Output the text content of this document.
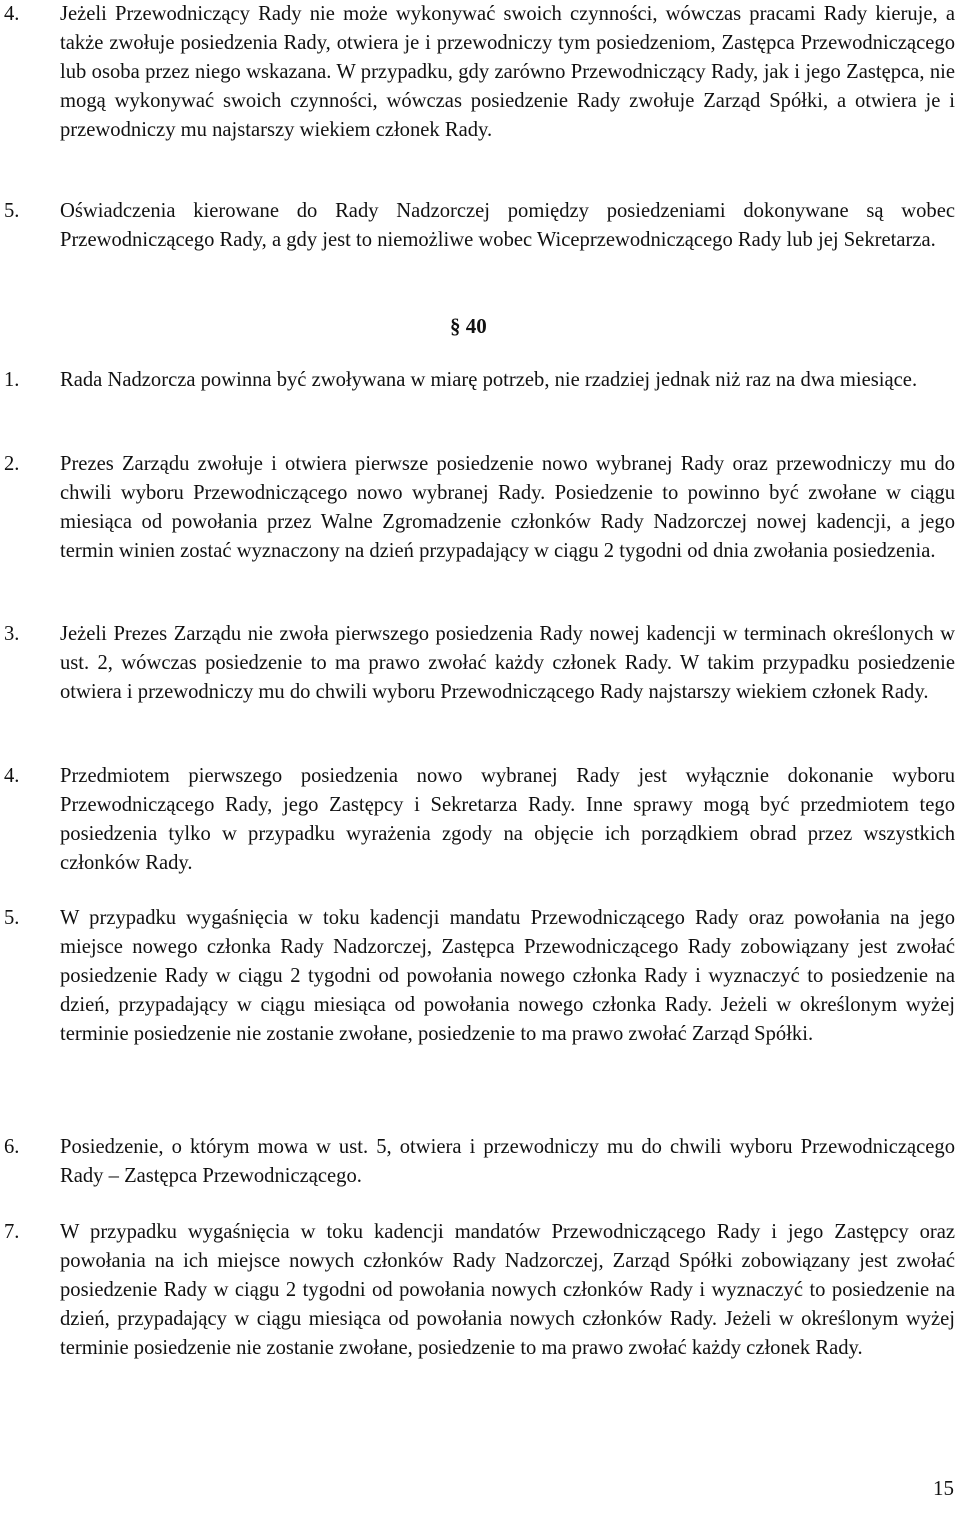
4. Jeżeli Przewodniczący Rady nie może wykonywać swoich czynności, wówczas pracami Rady kieruje, a także zwołuje posiedzenia Rady, otwiera je i przewodniczy tym posiedzeniom, Zastępca Przewodniczącego lub osoba przez niego wskazana. W przypadku, gdy zarówno Przewodniczący Rady, jak i jego Zastępca, nie mogą wykonywać swoich czynności, wówczas posiedzenie Rady zwołuje Zarząd Spółki, a otwiera je i przewodniczy mu najstarszy wiekiem członek Rady.
5. Oświadczenia kierowane do Rady Nadzorczej pomiędzy posiedzeniami dokonywane są wobec Przewodniczącego Rady, a gdy jest to niemożliwe wobec Wiceprzewodniczącego Rady lub jej Sekretarza.
§ 40
1. Rada Nadzorcza powinna być zwoływana w miarę potrzeb, nie rzadziej jednak niż raz na dwa miesiące.
2. Prezes Zarządu zwołuje i otwiera pierwsze posiedzenie nowo wybranej Rady oraz przewodniczy mu do chwili wyboru Przewodniczącego nowo wybranej Rady. Posiedzenie to powinno być zwołane w ciągu miesiąca od powołania przez Walne Zgromadzenie członków Rady Nadzorczej nowej kadencji, a jego termin winien zostać wyznaczony na dzień przypadający w ciągu 2 tygodni od dnia zwołania posiedzenia.
3. Jeżeli Prezes Zarządu nie zwoła pierwszego posiedzenia Rady nowej kadencji w terminach określonych w ust. 2, wówczas posiedzenie to ma prawo zwołać każdy członek Rady. W takim przypadku posiedzenie otwiera i przewodniczy mu do chwili wyboru Przewodniczącego Rady najstarszy wiekiem członek Rady.
4. Przedmiotem pierwszego posiedzenia nowo wybranej Rady jest wyłącznie dokonanie wyboru Przewodniczącego Rady, jego Zastępcy i Sekretarza Rady. Inne sprawy mogą być przedmiotem tego posiedzenia tylko w przypadku wyrażenia zgody na objęcie ich porządkiem obrad przez wszystkich członków Rady.
5. W przypadku wygaśnięcia w toku kadencji mandatu Przewodniczącego Rady oraz powołania na jego miejsce nowego członka Rady Nadzorczej, Zastępca Przewodniczącego Rady zobowiązany jest zwołać posiedzenie Rady w ciągu 2 tygodni od powołania nowego członka Rady i wyznaczyć to posiedzenie na dzień, przypadający w ciągu miesiąca od powołania nowego członka Rady. Jeżeli w określonym wyżej terminie posiedzenie nie zostanie zwołane, posiedzenie to ma prawo zwołać Zarząd Spółki.
6. Posiedzenie, o którym mowa w ust. 5, otwiera i przewodniczy mu do chwili wyboru Przewodniczącego Rady – Zastępca Przewodniczącego.
7. W przypadku wygaśnięcia w toku kadencji mandatów Przewodniczącego Rady i jego Zastępcy oraz powołania na ich miejsce nowych członków Rady Nadzorczej, Zarząd Spółki zobowiązany jest zwołać posiedzenie Rady w ciągu 2 tygodni od powołania nowych członków Rady i wyznaczyć to posiedzenie na dzień, przypadający w ciągu miesiąca od powołania nowych członków Rady. Jeżeli w określonym wyżej terminie posiedzenie nie zostanie zwołane, posiedzenie to ma prawo zwołać każdy członek Rady.
15
